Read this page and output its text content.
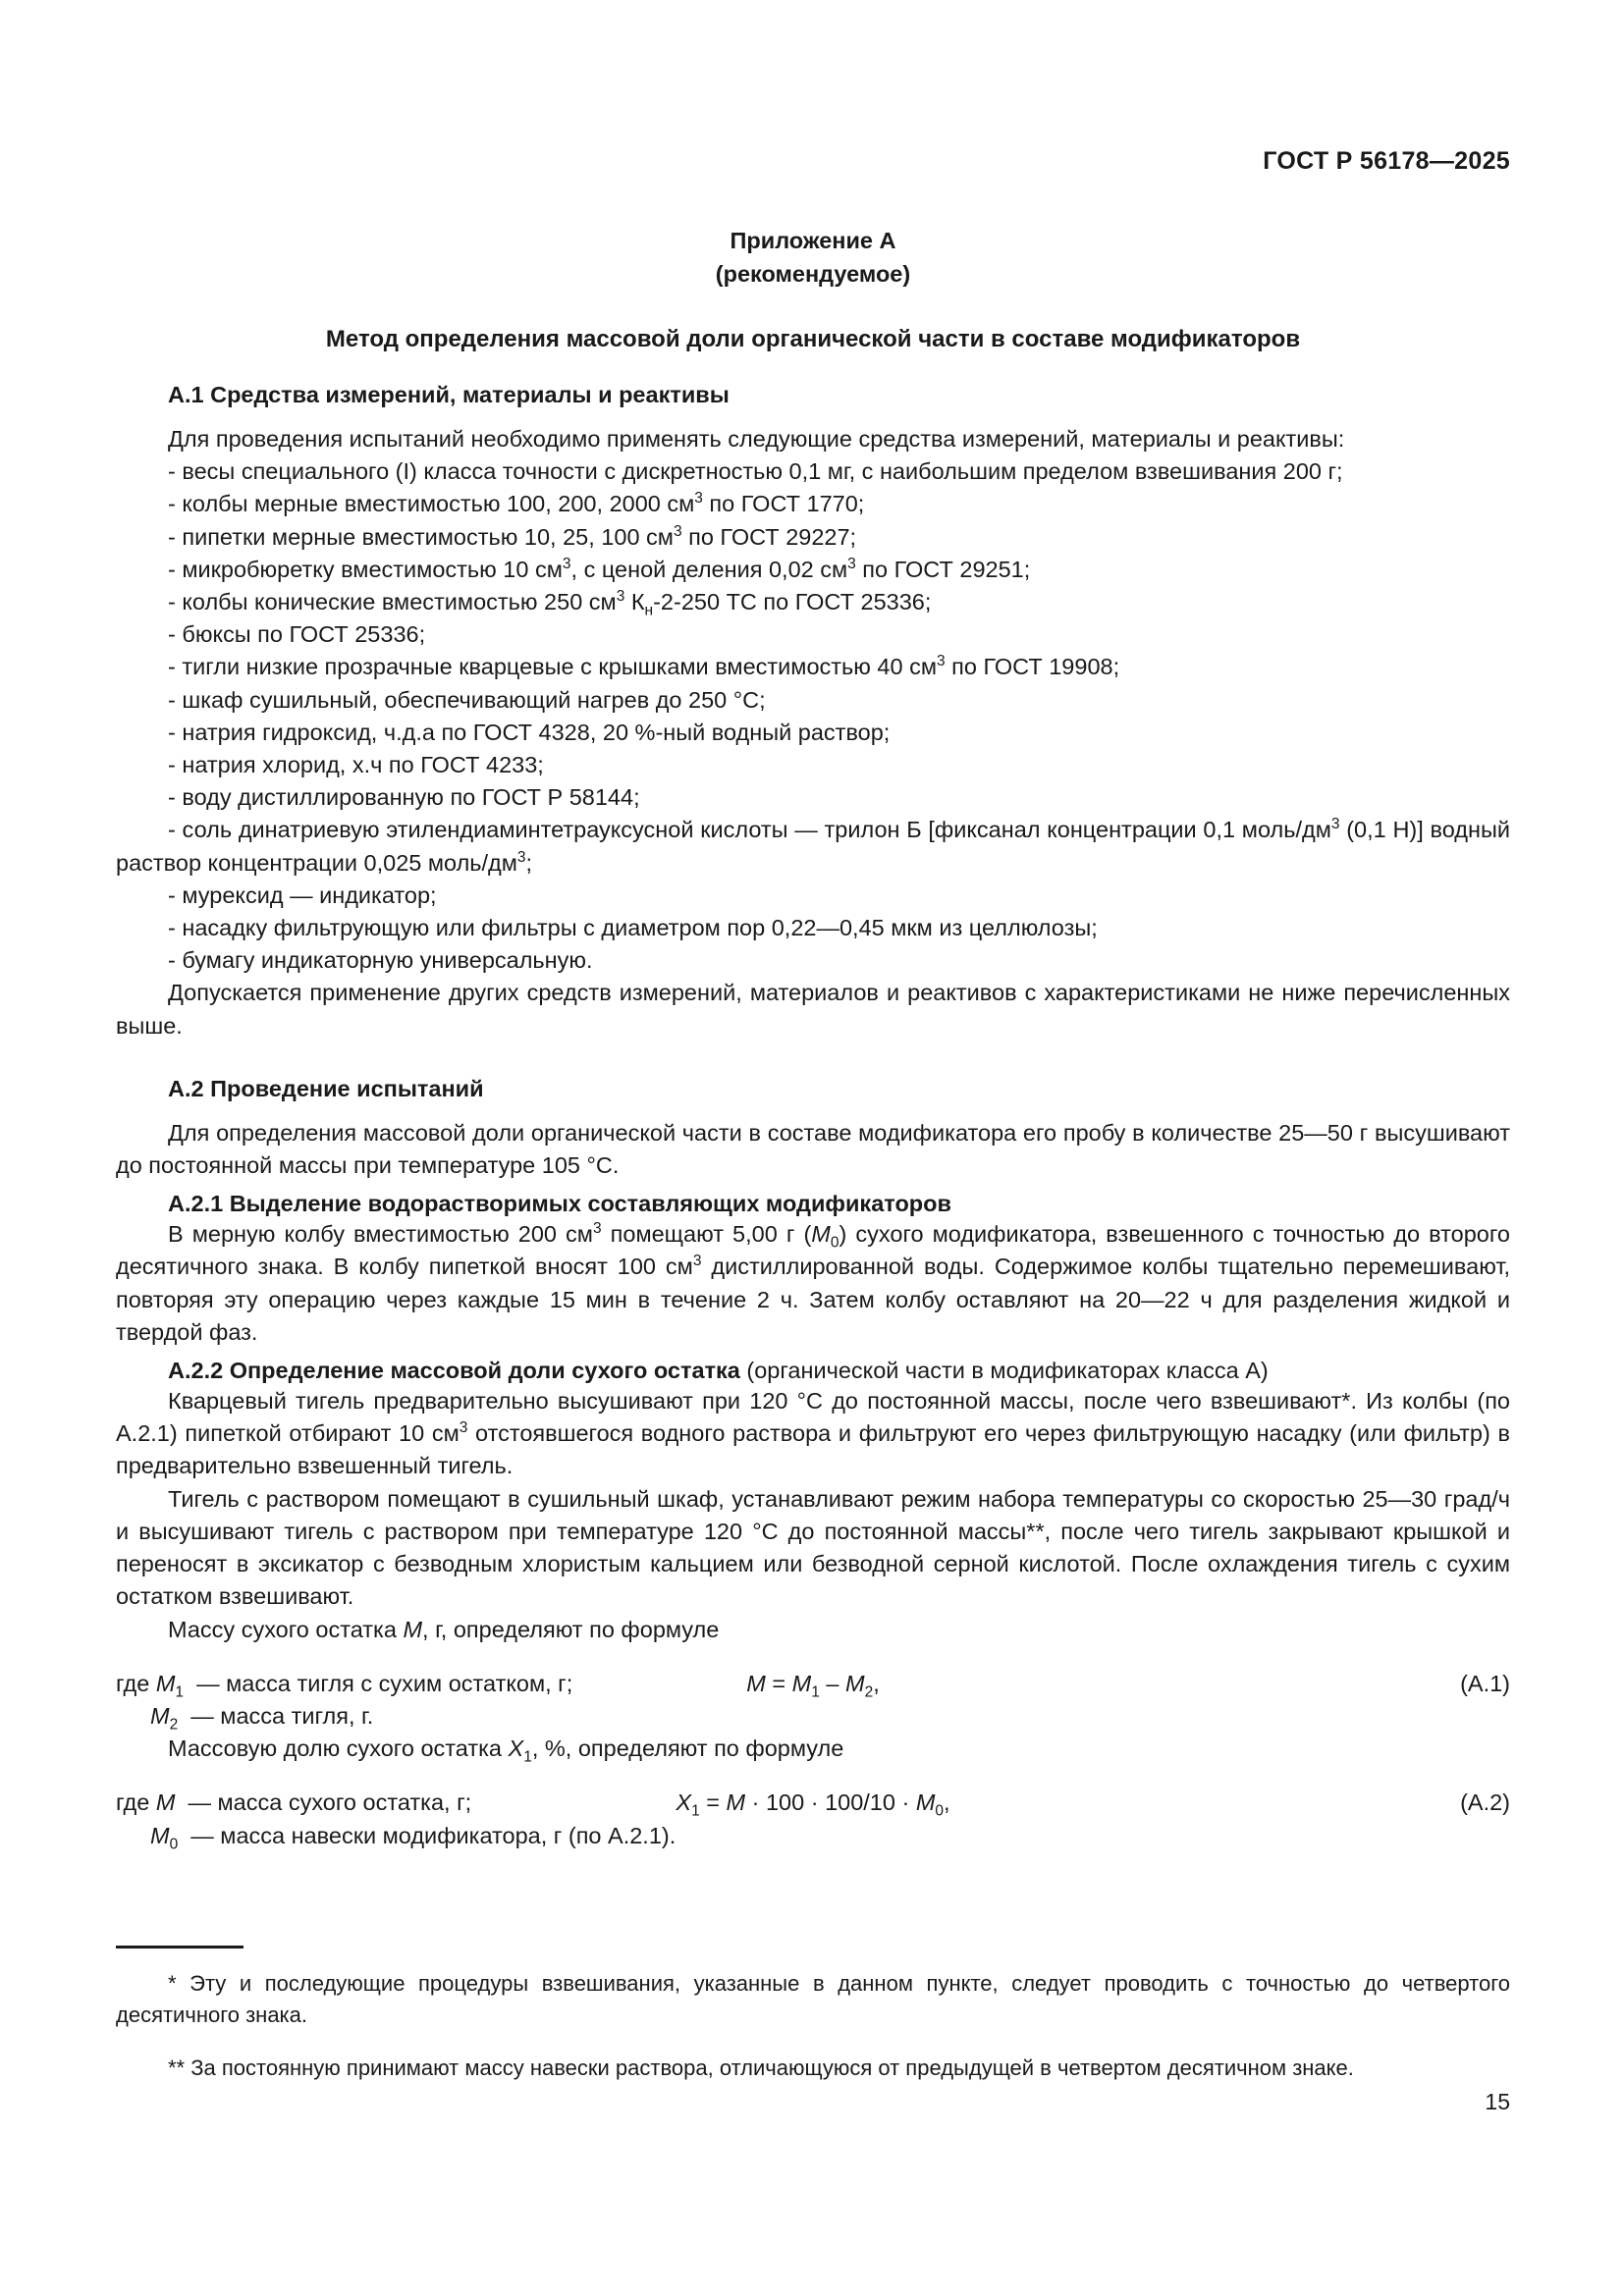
ГОСТ Р 56178—2025
Приложение А
(рекомендуемое)
Метод определения массовой доли органической части в составе модификаторов
А.1 Средства измерений, материалы и реактивы

Для проведения испытаний необходимо применять следующие средства измерений, материалы и реактивы:

- весы специального (I) класса точности с дискретностью 0,1 мг, с наибольшим пределом взвешивания 200 г;
- колбы мерные вместимостью 100, 200, 2000 $см^3$ по ГОСТ 1770;
- пипетки мерные вместимостью 10, 25, 100 $см^3$ по ГОСТ 29227;
- микробюретку вместимостью 10 $см^3$, с ценой деления 0,02 $см^3$ по ГОСТ 29251;
- колбы конические вместимостью 250 $см^3$ $К_н-2-250$ ТС по ГОСТ 25336;
- бюксы по ГОСТ 25336;
- тигли низкие прозрачные кварцевые с крышками вместимостью 40 $см^3$ по ГОСТ 19908;
- шкаф сушильный, обеспечивающий нагрев до 250 °С;
- натрия гидроксид, ч.д.а по ГОСТ 4328, 20 %-ный водный раствор;
- натрия хлорид, х.ч по ГОСТ 4233;
- воду дистиллированную по ГОСТ Р 58144;
- соль динатриевую этилендиаминтетрауксусной кислоты — трилон Б [фиксанал концентрации 0,1 моль/$дм^3$ (0,1 Н)] водный раствор концентрации 0,025 моль/$дм^3$;
- мурексид — индикатор;
- насадку фильтрующую или фильтры с диаметром пор 0,22—0,45 мкм из целлюлозы;
- бумагу индикаторную универсальную.

Допускается применение других средств измерений, материалов и реактивов с характеристиками не ниже перечисленных выше.

А.2 Проведение испытаний

Для определения массовой доли органической части в составе модификатора его пробу в количестве 25—50 г высушивают до постоянной массы при температуре 105 °С.

А.2.1 Выделение водорастворимых составляющих модификаторов

В мерную колбу вместимостью 200 $см^3$ помещают 5,00 г $(M_0)$ сухого модификатора, взвешенного с точностью до второго десятичного знака. В колбу пипеткой вносят 100 $см^3$ дистиллированной воды. Содержимое колбы тщательно перемешивают, повторяя эту операцию через каждые 15 мин в течение 2 ч. Затем колбу оставляют на 20—22 ч для разделения жидкой и твердой фаз.

А.2.2 Определение массовой доли сухого остатка (органической части в модификаторах класса А)

Кварцевый тигель предварительно высушивают при 120 °С до постоянной массы, после чего взвешивают*. Из колбы (по А.2.1) пипеткой отбирают 10 $см^3$ отстоявшегося водного раствора и фильтруют его через фильтрующую насадку (или фильтр) в предварительно взвешенный тигель.

Тигель с раствором помещают в сушильный шкаф, устанавливают режим набора температуры со скоростью 25—30 град/ч и высушивают тигель с раствором при температуре 120 °С до постоянной массы**, после чего тигель закрывают крышкой и переносят в эксикатор с безводным хлористым кальцием или безводной серной кислотой. После охлаждения тигель с сухим остатком взвешивают.

Массу сухого остатка M, г, определяют по формуле

$M = M_1 - M_2$,	(А.1)

где $M_1$  — масса тигля с сухим остатком, г;

$M_2$  — масса тигля, г.

Массовую долю сухого остатка $X_1$, %, определяют по формуле

$X_1 = M \cdot 100 \cdot 100/10 \cdot M_0$,	(А.2)

где M  — масса сухого остатка, г;

$M_0$  — масса навески модификатора, г (по А.2.1).

* Эту и последующие процедуры взвешивания, указанные в данном пункте, следует проводить с точностью до четвертого десятичного знака.

** За постоянную принимают массу навески раствора, отличающуюся от предыдущей в четвертом десятичном знаке.

15
